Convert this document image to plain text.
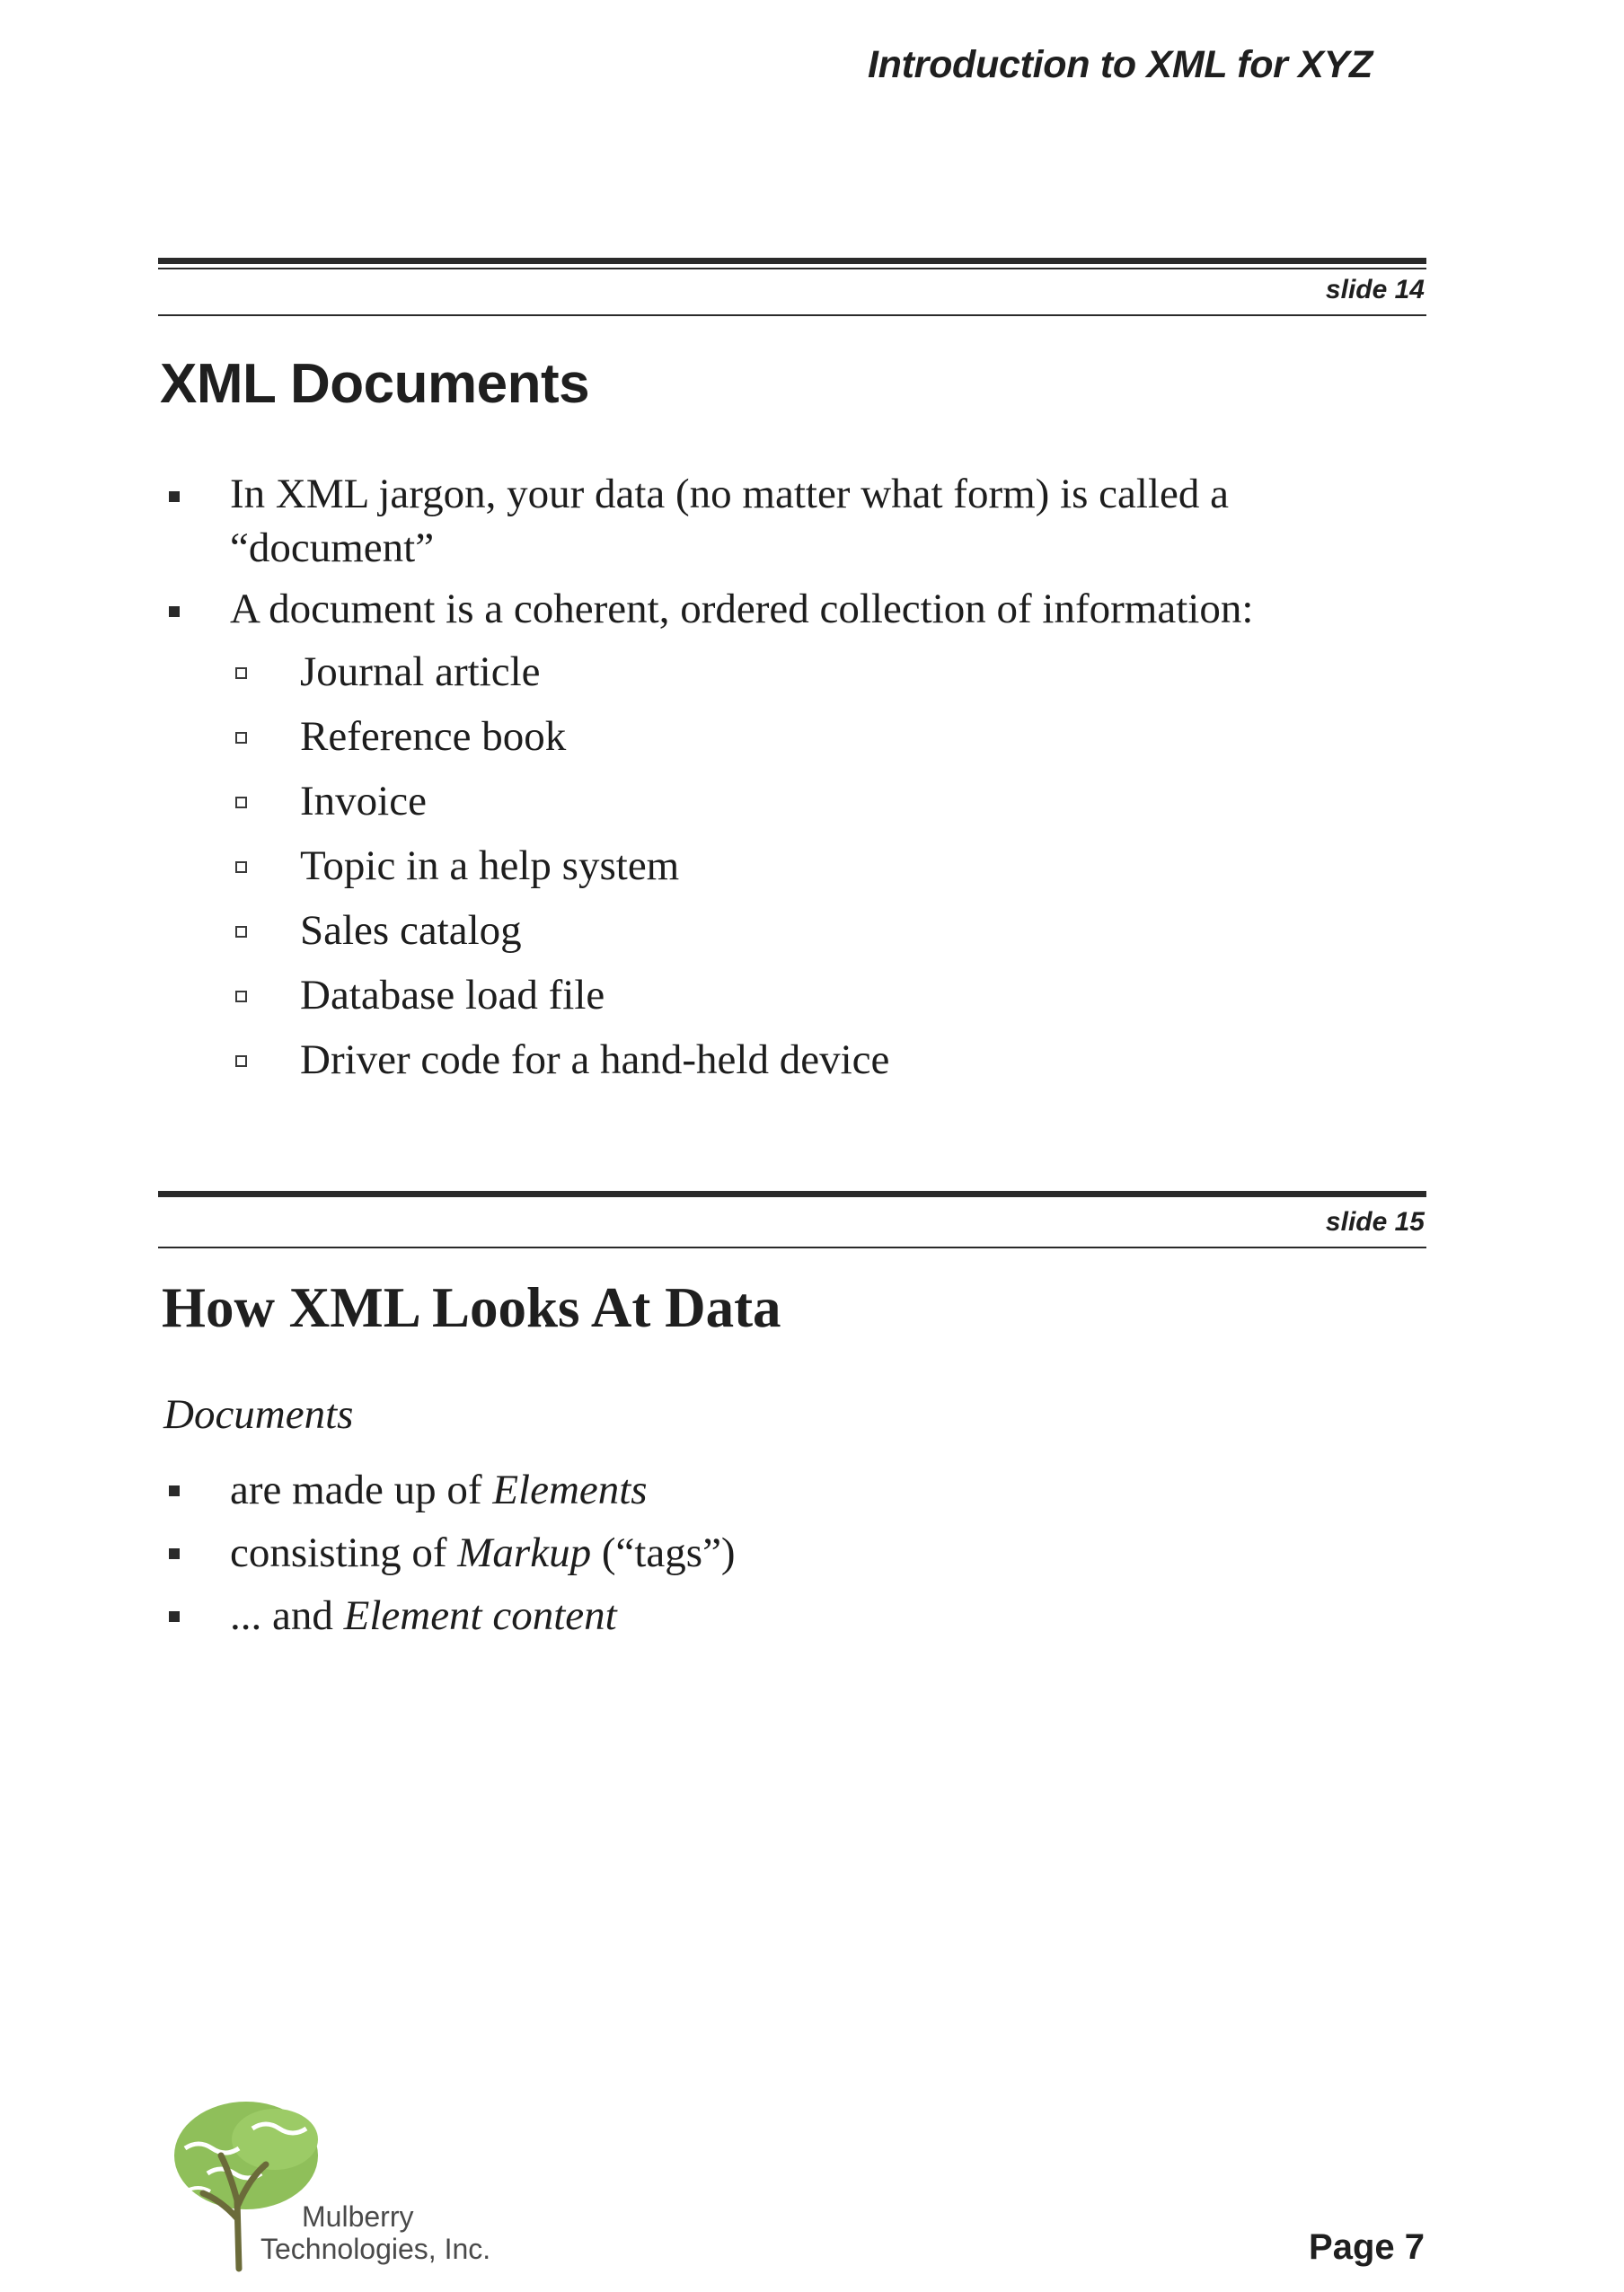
Introduction to XML for XYZ
slide 14
XML Documents
In XML jargon, your data (no matter what form) is called a “document”
A document is a coherent, ordered collection of information:
Journal article
Reference book
Invoice
Topic in a help system
Sales catalog
Database load file
Driver code for a hand-held device
slide 15
How XML Looks At Data
Documents
are made up of Elements
consisting of Markup (“tags”)
... and Element content
Mulberry
Technologies, Inc.	Page 7
